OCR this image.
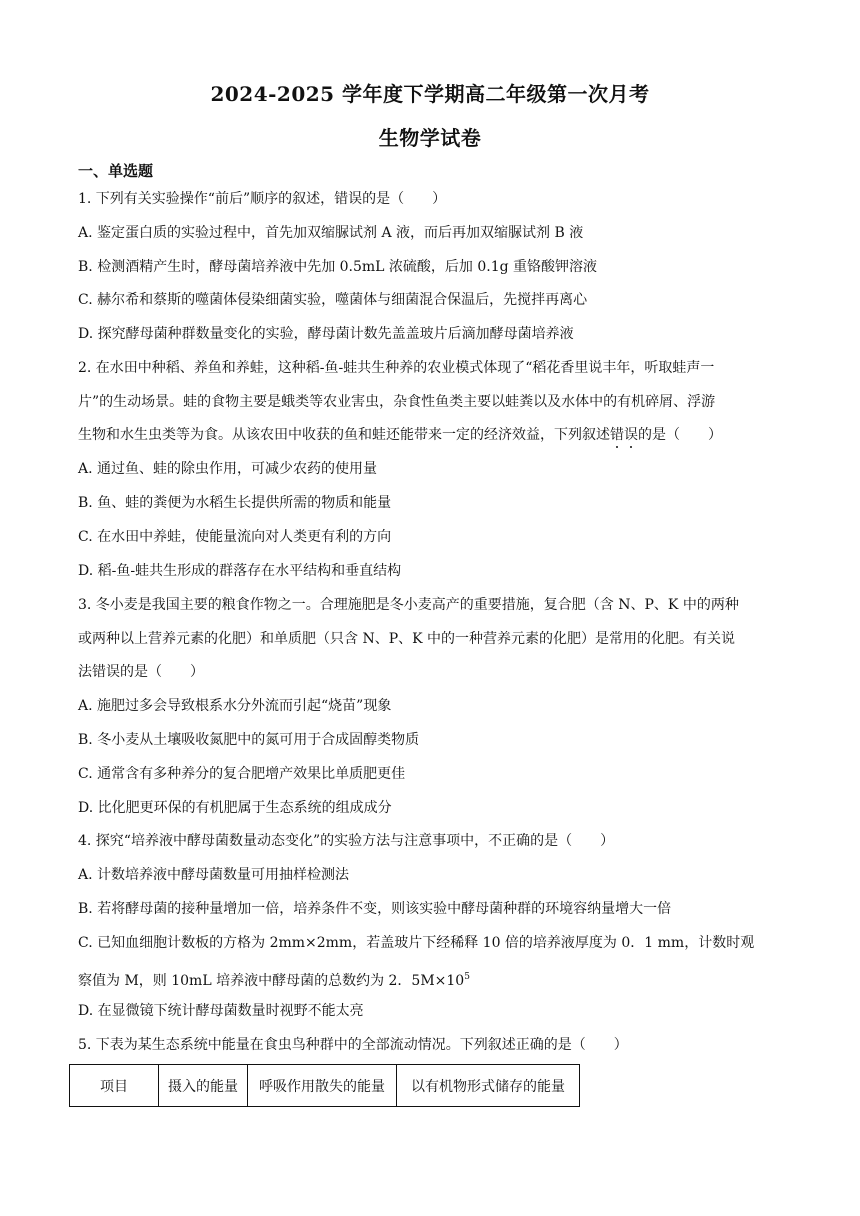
2024-2025 学年度下学期高二年级第一次月考
生物学试卷
一、单选题
1. 下列有关实验操作“前后”顺序的叙述，错误的是（　　）
A. 鉴定蛋白质的实验过程中，首先加双缩脲试剂 A 液，而后再加双缩脲试剂 B 液
B. 检测酒精产生时，酵母菌培养液中先加 0.5mL 浓硫酸，后加 0.1g 重铬酸钾溶液
C. 赫尔希和蔡斯的噬菌体侵染细菌实验，噬菌体与细菌混合保温后，先搅拌再离心
D. 探究酵母菌种群数量变化的实验，酵母菌计数先盖盖玻片后滴加酵母菌培养液
2. 在水田中种稻、养鱼和养蛙，这种稻-鱼-蛙共生种养的农业模式体现了“稻花香里说丰年，听取蛙声一
片”的生动场景。蛙的食物主要是蛾类等农业害虫，杂食性鱼类主要以蛙粪以及水体中的有机碎屑、浮游
生物和水生虫类等为食。从该农田中收获的鱼和蛙还能带来一定的经济效益，下列叙述错误的是（　　）
A. 通过鱼、蛙的除虫作用，可减少农药的使用量
B. 鱼、蛙的粪便为水稻生长提供所需的物质和能量
C. 在水田中养蛙，使能量流向对人类更有利的方向
D. 稻-鱼-蛙共生形成的群落存在水平结构和垂直结构
3. 冬小麦是我国主要的粮食作物之一。合理施肥是冬小麦高产的重要措施，复合肥（含 N、P、K 中的两种
或两种以上营养元素的化肥）和单质肥（只含 N、P、K 中的一种营养元素的化肥）是常用的化肥。有关说
法错误的是（　　）
A. 施肥过多会导致根系水分外流而引起“烧苗”现象
B. 冬小麦从土壤吸收氮肥中的氮可用于合成固醇类物质
C. 通常含有多种养分的复合肥增产效果比单质肥更佳
D. 比化肥更环保的有机肥属于生态系统的组成成分
4. 探究“培养液中酵母菌数量动态变化”的实验方法与注意事项中，不正确的是（　　）
A. 计数培养液中酵母菌数量可用抽样检测法
B. 若将酵母菌的接种量增加一倍，培养条件不变，则该实验中酵母菌种群的环境容纳量增大一倍
C. 已知血细胞计数板的方格为 2mm×2mm，若盖玻片下经稀释 10 倍的培养液厚度为 0．1 mm，计数时观
察值为 M，则 10mL 培养液中酵母菌的总数约为 2．$5M\times 10^5$
D. 在显微镜下统计酵母菌数量时视野不能太亮
5. 下表为某生态系统中能量在食虫鸟种群中的全部流动情况。下列叙述正确的是（　　）
项目	摄入的能量	呼吸作用散失的能量	以有机物形式储存的能量
